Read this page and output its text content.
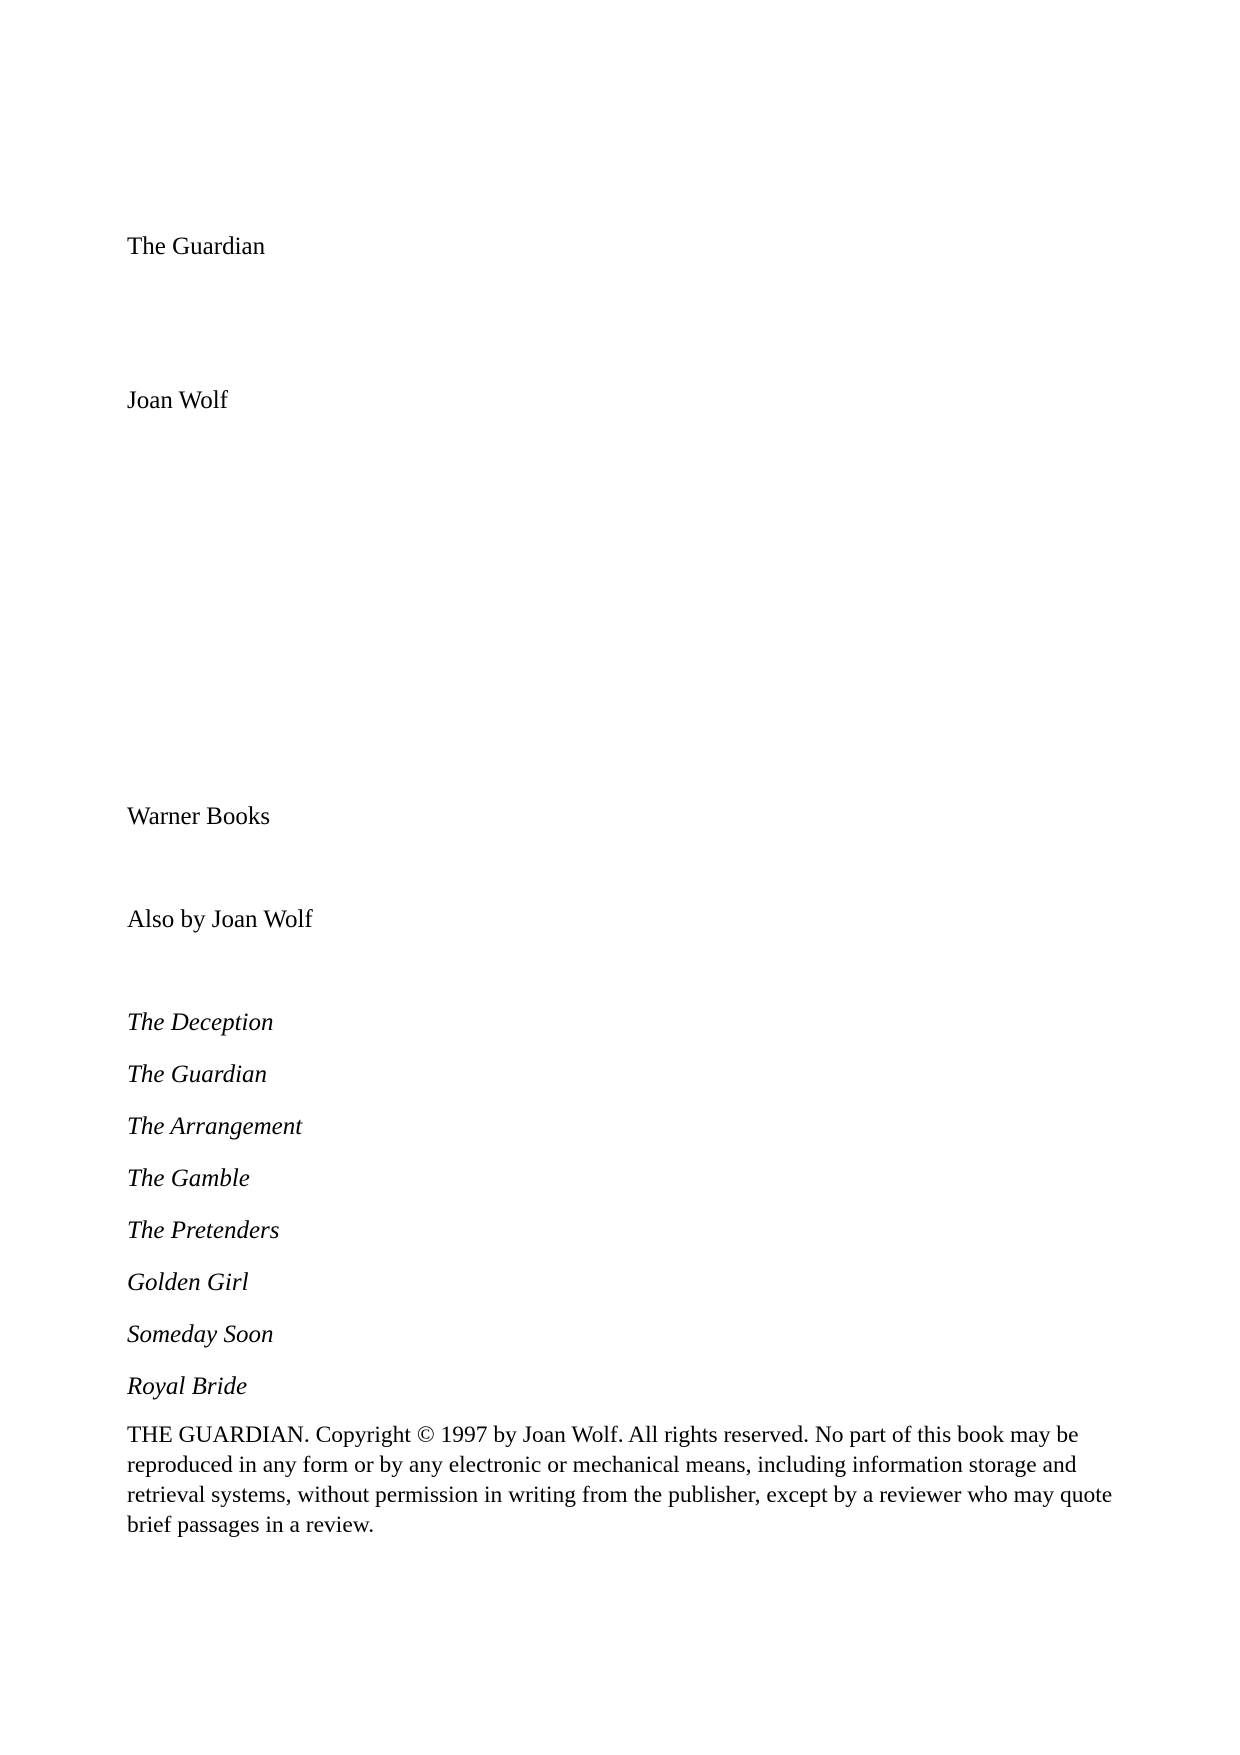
The Guardian

Joan Wolf

Warner Books

Also by Joan Wolf

The Deception
The Guardian
The Arrangement
The Gamble
The Pretenders
Golden Girl
Someday Soon
Royal Bride

THE GUARDIAN. Copyright © 1997 by Joan Wolf. All rights reserved. No part of this book may be reproduced in any form or by any electronic or mechanical means, including information storage and retrieval systems, without permission in writing from the publisher, except by a reviewer who may quote brief passages in a review.
